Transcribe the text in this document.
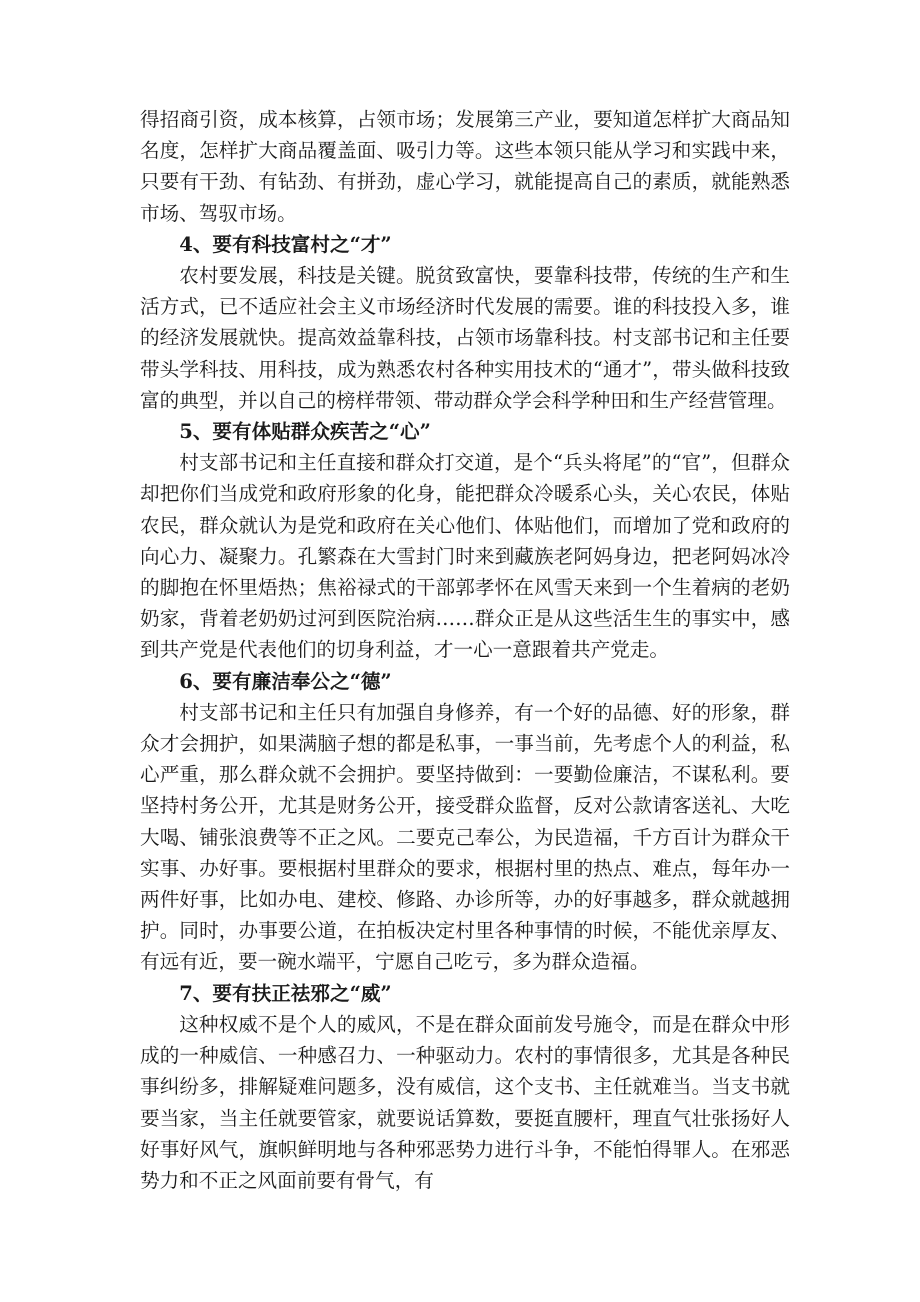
得招商引资，成本核算，占领市场；发展第三产业，要知道怎样扩大商品知名度，怎样扩大商品覆盖面、吸引力等。这些本领只能从学习和实践中来，只要有干劲、有钻劲、有拼劲，虚心学习，就能提高自己的素质，就能熟悉市场、驾驭市场。

4、要有科技富村之“才”

农村要发展，科技是关键。脱贫致富快，要靠科技带，传统的生产和生活方式，已不适应社会主义市场经济时代发展的需要。谁的科技投入多，谁的经济发展就快。提高效益靠科技，占领市场靠科技。村支部书记和主任要带头学科技、用科技，成为熟悉农村各种实用技术的“通才”，带头做科技致富的典型，并以自己的榜样带领、带动群众学会科学种田和生产经营管理。

5、要有体贴群众疾苦之“心”

村支部书记和主任直接和群众打交道，是个“兵头将尾”的“官”，但群众却把你们当成党和政府形象的化身，能把群众冷暖系心头，关心农民，体贴农民，群众就认为是党和政府在关心他们、体贴他们，而增加了党和政府的向心力、凝聚力。孔繁森在大雪封门时来到藏族老阿妈身边，把老阿妈冰冷的脚抱在怀里焐热；焦裕禄式的干部郭孝怀在风雪天来到一个生着病的老奶奶家，背着老奶奶过河到医院治病……群众正是从这些活生生的事实中，感到共产党是代表他们的切身利益，才一心一意跟着共产党走。

6、要有廉洁奉公之“德”

村支部书记和主任只有加强自身修养，有一个好的品德、好的形象，群众才会拥护，如果满脑子想的都是私事，一事当前，先考虑个人的利益，私心严重，那么群众就不会拥护。要坚持做到：一要勤俭廉洁，不谋私利。要坚持村务公开，尤其是财务公开，接受群众监督，反对公款请客送礼、大吃大喝、铺张浪费等不正之风。二要克己奉公，为民造福，千方百计为群众干实事、办好事。要根据村里群众的要求，根据村里的热点、难点，每年办一两件好事，比如办电、建校、修路、办诊所等，办的好事越多，群众就越拥护。同时，办事要公道，在拍板决定村里各种事情的时候，不能优亲厚友、有远有近，要一碗水端平，宁愿自己吃亏，多为群众造福。

7、要有扶正祛邪之“威”

这种权威不是个人的威风，不是在群众面前发号施令，而是在群众中形成的一种威信、一种感召力、一种驱动力。农村的事情很多，尤其是各种民事纠纷多，排解疑难问题多，没有威信，这个支书、主任就难当。当支书就要当家，当主任就要管家，就要说话算数，要挺直腰杆，理直气壮张扬好人好事好风气，旗帜鲜明地与各种邪恶势力进行斗争，不能怕得罪人。在邪恶势力和不正之风面前要有骨气，有
